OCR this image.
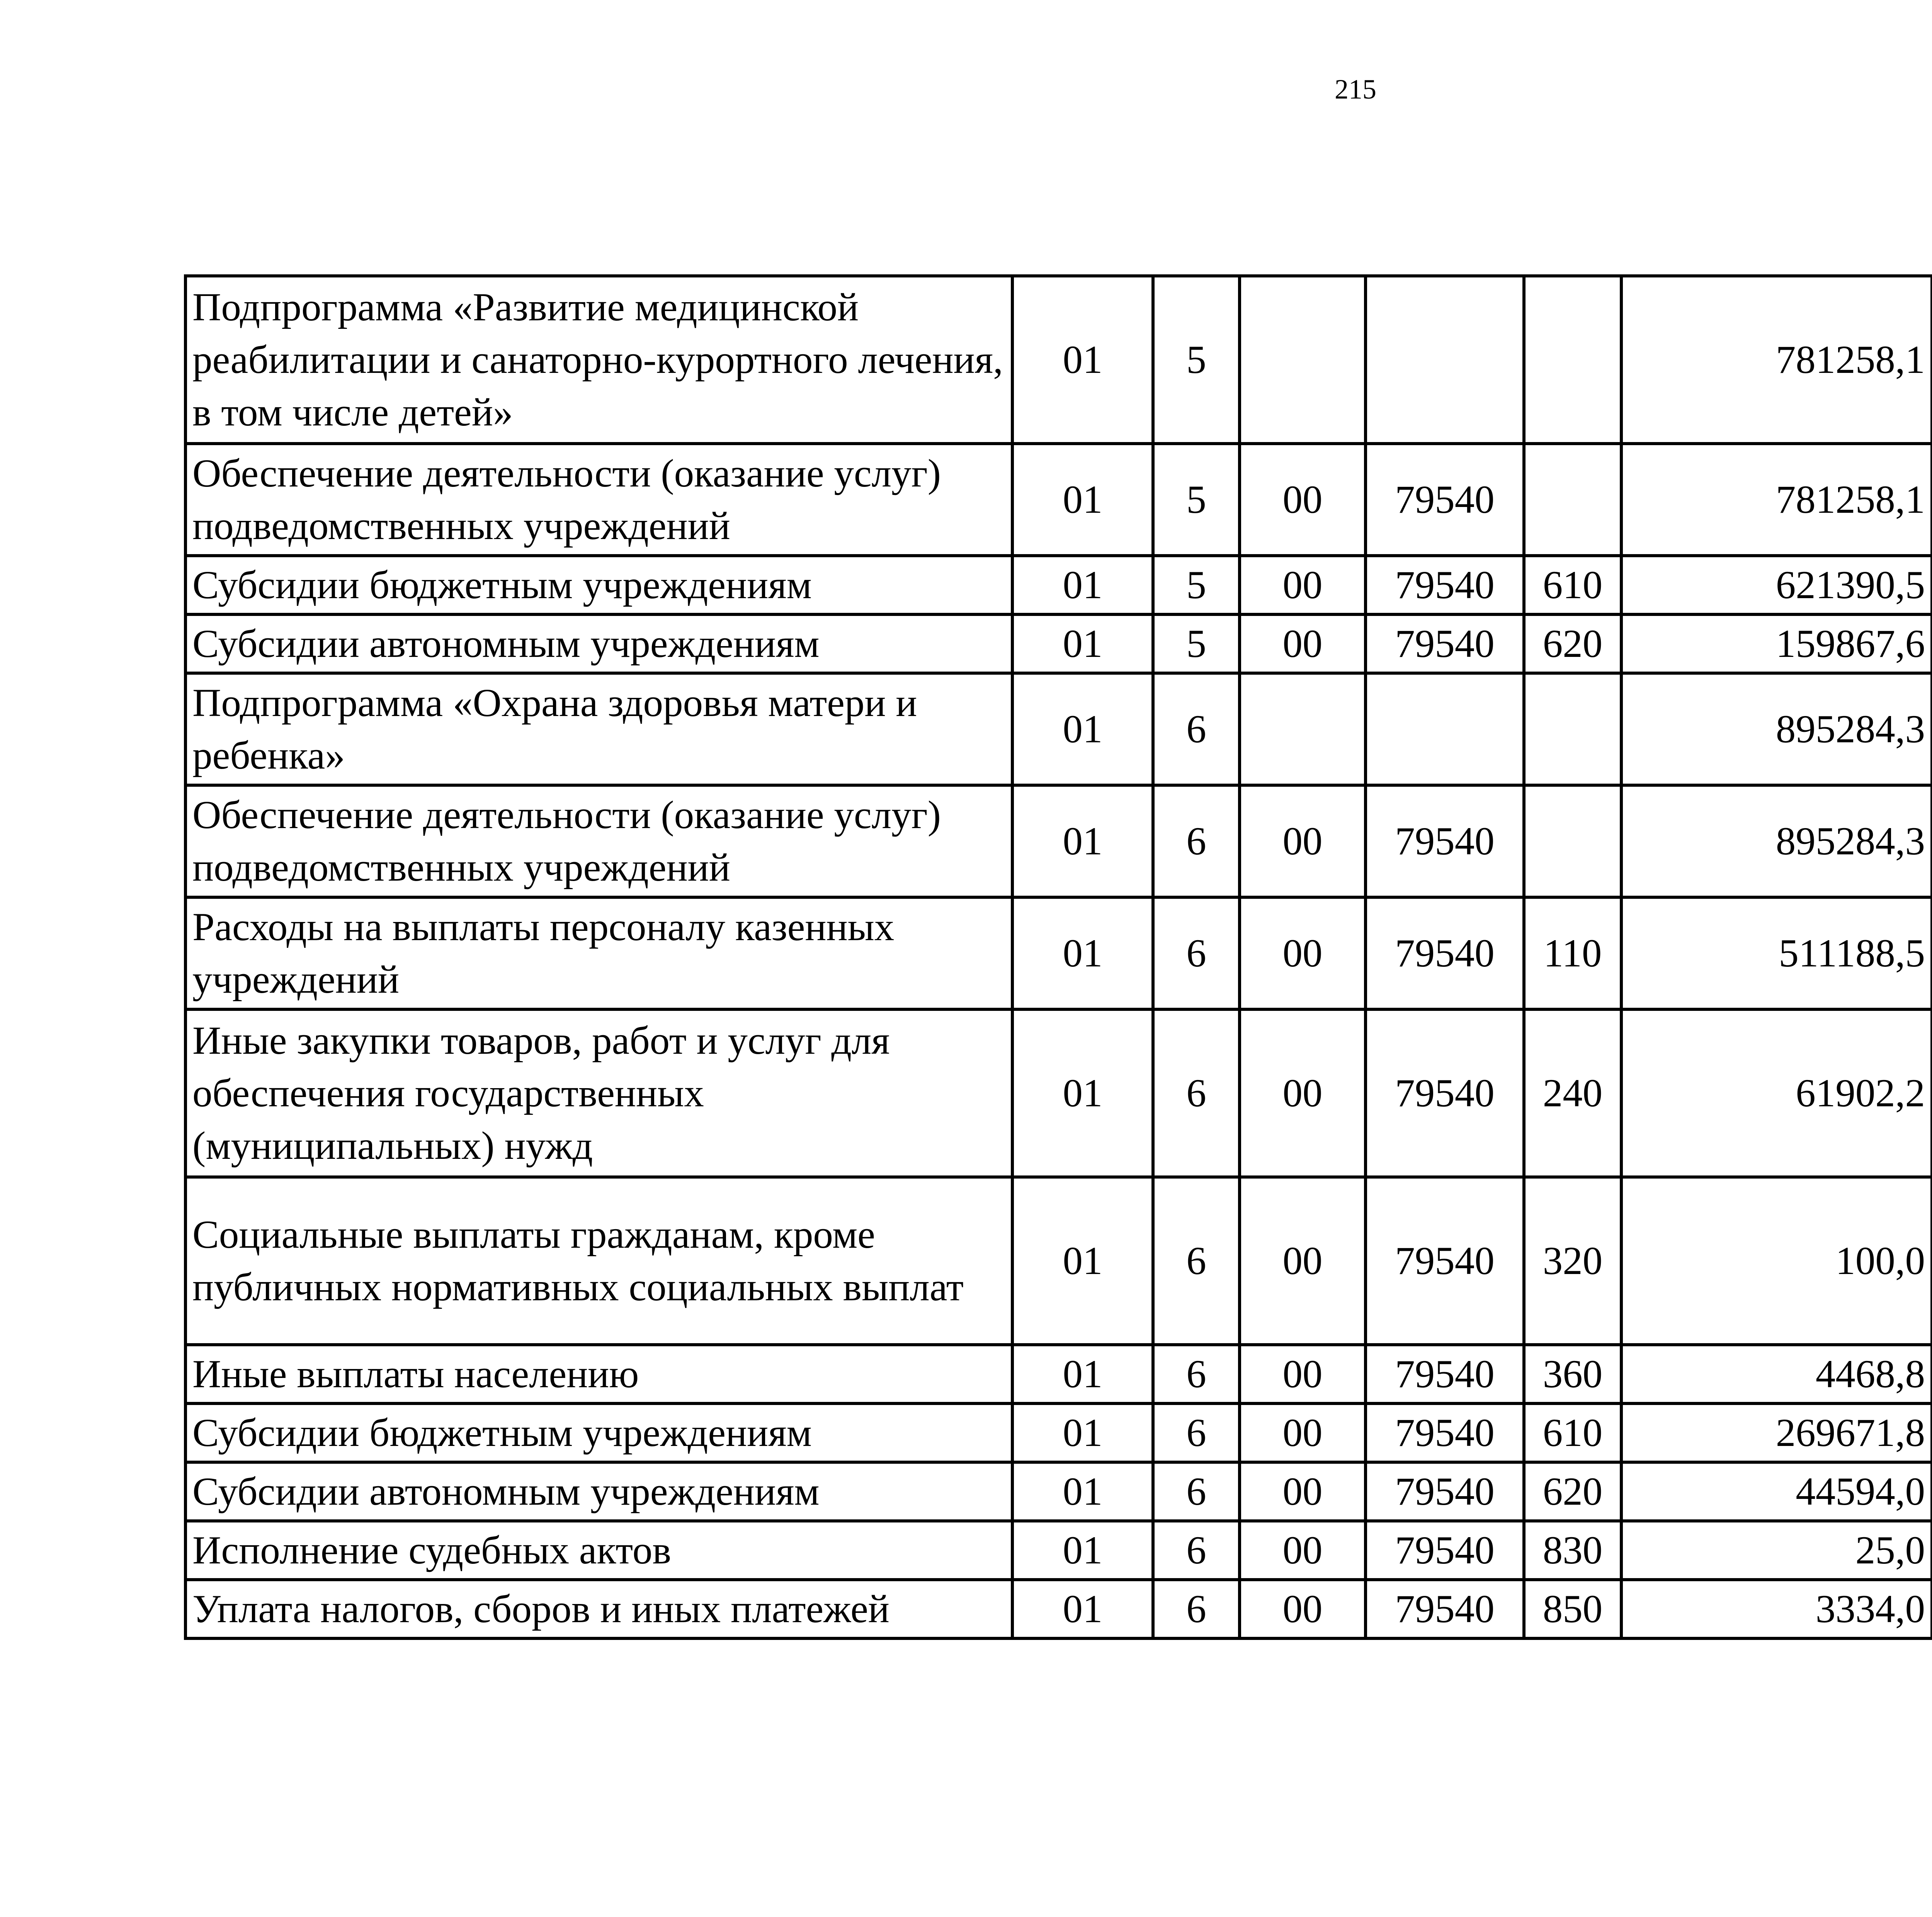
215
Подпрограмма «Развитие медицинской реабилитации и санаторно-курортного лечения, в том числе детей»	01	5				781258,1		
Обеспечение деятельности (оказание услуг) подведомственных учреждений	01	5	00	79540		781258,1		
Субсидии бюджетным учреждениям	01	5	00	79540	610	621390,5		
Субсидии автономным учреждениям	01	5	00	79540	620	159867,6		
Подпрограмма «Охрана здоровья матери и ребенка»	01	6				895284,3		
Обеспечение деятельности (оказание услуг) подведомственных учреждений	01	6	00	79540		895284,3		
Расходы на выплаты персоналу казенных учреждений	01	6	00	79540	110	511188,5		
Иные закупки товаров, работ и услуг для обеспечения государственных (муниципальных) нужд	01	6	00	79540	240	61902,2		
Социальные выплаты гражданам, кроме публичных нормативных социальных выплат	01	6	00	79540	320	100,0		
Иные выплаты населению	01	6	00	79540	360	4468,8		
Субсидии бюджетным учреждениям	01	6	00	79540	610	269671,8		
Субсидии автономным учреждениям	01	6	00	79540	620	44594,0		
Исполнение судебных актов	01	6	00	79540	830	25,0		
Уплата налогов, сборов и иных платежей	01	6	00	79540	850	3334,0		
